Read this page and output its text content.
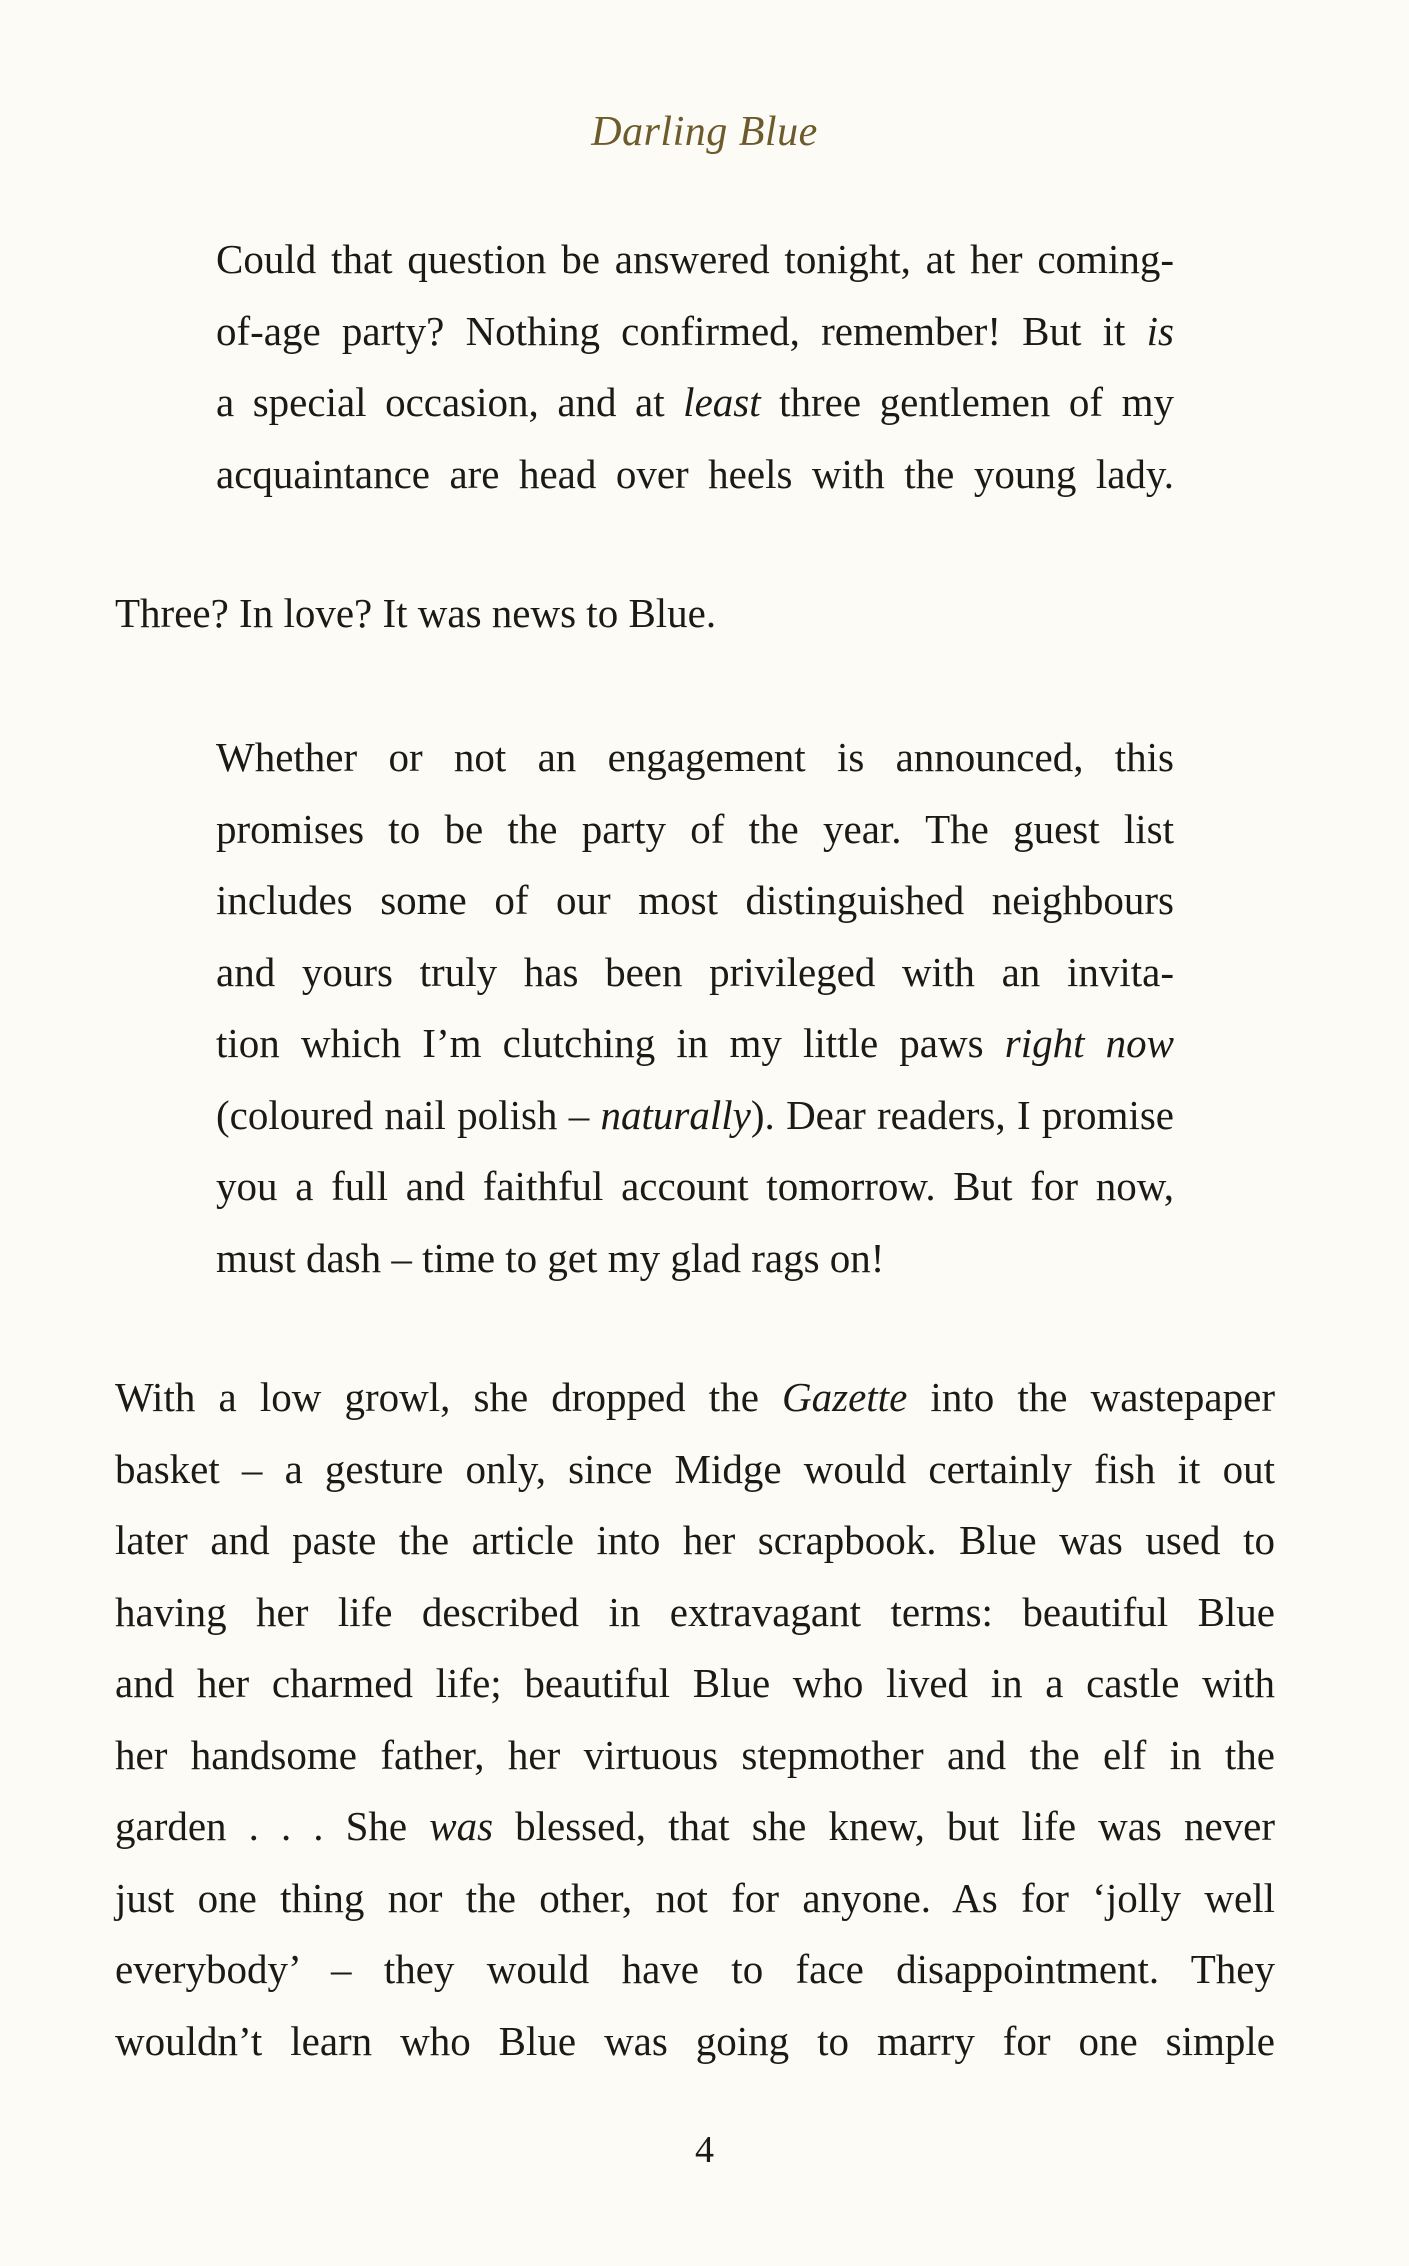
Darling Blue
Could that question be answered tonight, at her coming-
of-age party? Nothing confirmed, remember! But it is
a special occasion, and at least three gentlemen of my
acquaintance are head over heels with the young lady.
Three? In love? It was news to Blue.
Whether or not an engagement is announced, this
promises to be the party of the year. The guest list
includes some of our most distinguished neighbours
and yours truly has been privileged with an invita-
tion which I’m clutching in my little paws right now
(coloured nail polish – naturally). Dear readers, I promise
you a full and faithful account tomorrow. But for now,
must dash – time to get my glad rags on!
With a low growl, she dropped the Gazette into the wastepaper
basket – a gesture only, since Midge would certainly fish it out
later and paste the article into her scrapbook. Blue was used to
having her life described in extravagant terms: beautiful Blue
and her charmed life; beautiful Blue who lived in a castle with
her handsome father, her virtuous stepmother and the elf in the
garden . . . She was blessed, that she knew, but life was never
just one thing nor the other, not for anyone. As for ‘jolly well
everybody’ – they would have to face disappointment. They
wouldn’t learn who Blue was going to marry for one simple
4
